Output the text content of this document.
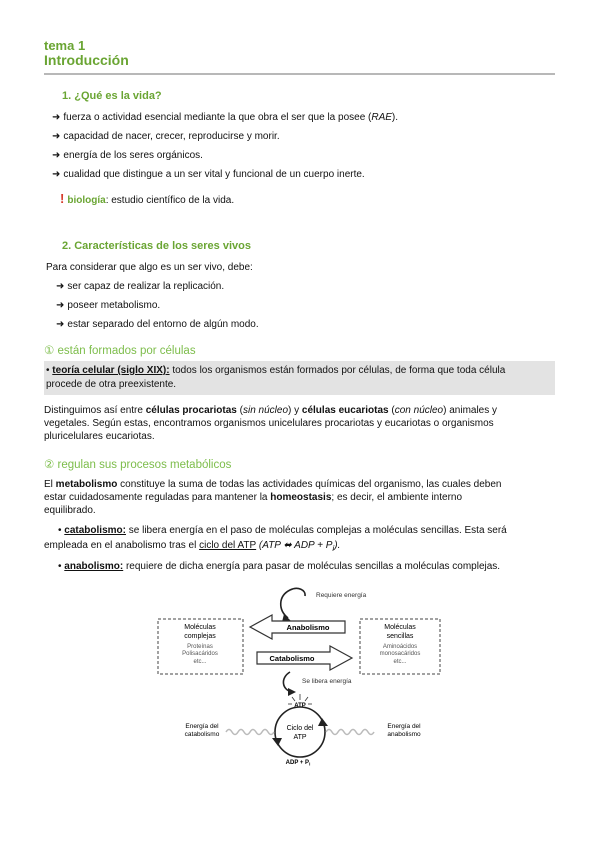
tema 1
Introducción
1. ¿Qué es la vida?
➜ fuerza o actividad esencial mediante la que obra el ser que la posee (RAE).
➜ capacidad de nacer, crecer, reproducirse y morir.
➜ energía de los seres orgánicos.
➜ cualidad que distingue a un ser vital y funcional de un cuerpo inerte.
! biología: estudio científico de la vida.
2. Características de los seres vivos
Para considerar que algo es un ser vivo, debe:
➜ ser capaz de realizar la replicación.
➜ poseer metabolismo.
➜ estar separado del entorno de algún modo.
① están formados por células
• teoría celular (siglo XIX): todos los organismos están formados por células, de forma que toda célula
procede de otra preexistente.
Distinguimos así entre células procariotas (sin núcleo) y células eucariotas (con núcleo) animales y
vegetales. Según estas, encontramos organismos unicelulares procariotas y eucariotas o organismos
pluricelulares eucariotas.
② regulan sus procesos metabólicos
El metabolismo constituye la suma de todas las actividades químicas del organismo, las cuales deben
estar cuidadosamente reguladas para mantener la homeostasis; es decir, el ambiente interno
equilibrado.
• catabolismo: se libera energía en el paso de moléculas complejas a moléculas sencillas. Esta será
empleada en el anabolismo tras el ciclo del ATP (ATP ⬌ ADP + $P_i$).
• anabolismo: requiere de dicha energía para pasar de moléculas sencillas a moléculas complejas.
Requiere energía
Moléculas
complejas
Proteínas
Polisacáridos
etc...
Moléculas
sencillas
Aminoácidos
monosacáridos
etc...
Anabolismo
Catabolismo
Se libera energía
ATP
Ciclo del
ATP
ADP + $P_i$
Energía del
catabolismo
Energía del
anabolismo
